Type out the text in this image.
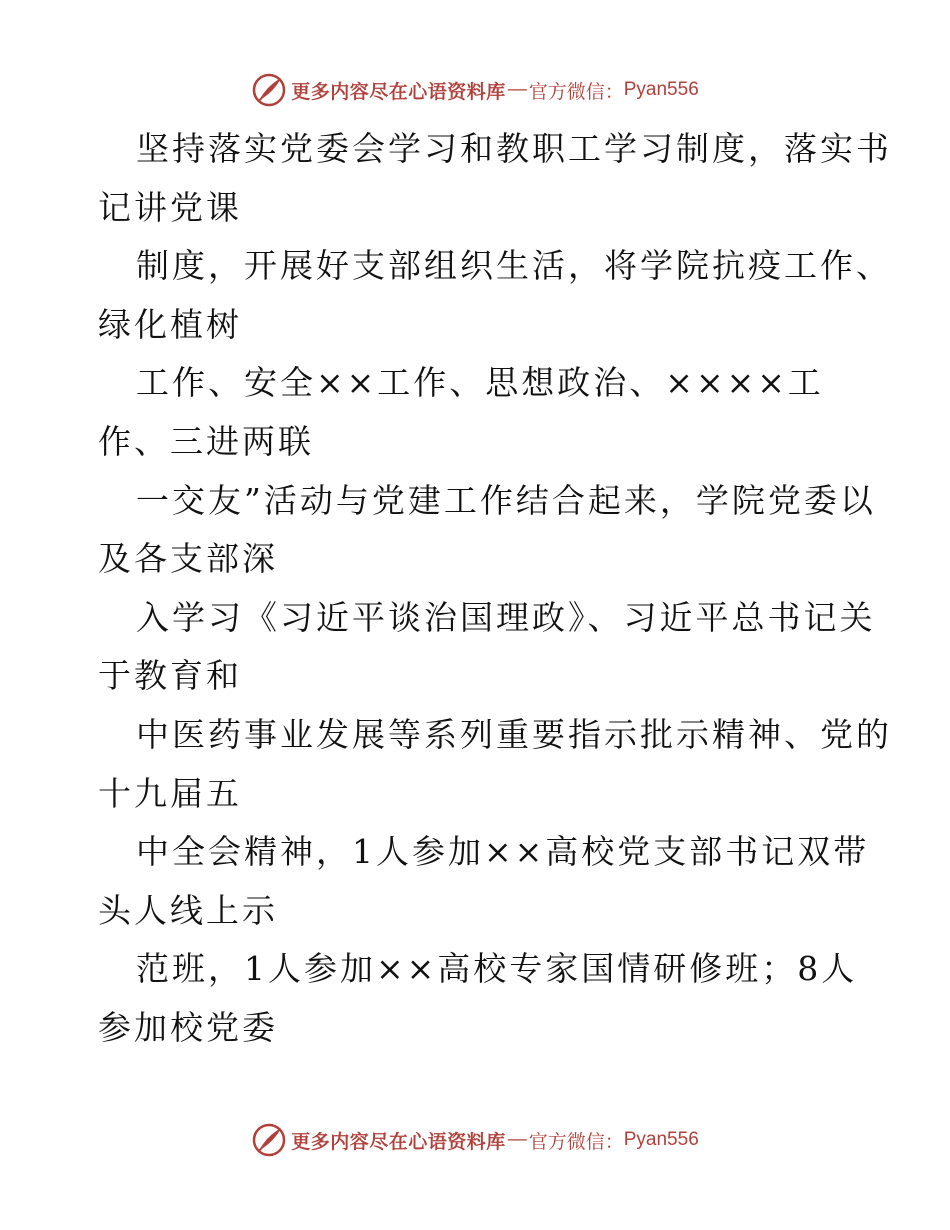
更多内容尽在心语资料库 — 官方微信： Pyan556
坚持落实党委会学习和教职工学习制度，落实书
记讲党课
制度，开展好支部组织生活，将学院抗疫工作、
绿化植树
工作、安全××工作、思想政治、××××工
作、三进两联
一交友”活动与党建工作结合起来，学院党委以
及各支部深
入学习《习近平谈治国理政》、习近平总书记关
于教育和
中医药事业发展等系列重要指示批示精神、党的
十九届五
中全会精神，1人参加××高校党支部书记双带
头人线上示
范班，1人参加××高校专家国情研修班；8人
参加校党委
更多内容尽在心语资料库 — 官方微信： Pyan556
